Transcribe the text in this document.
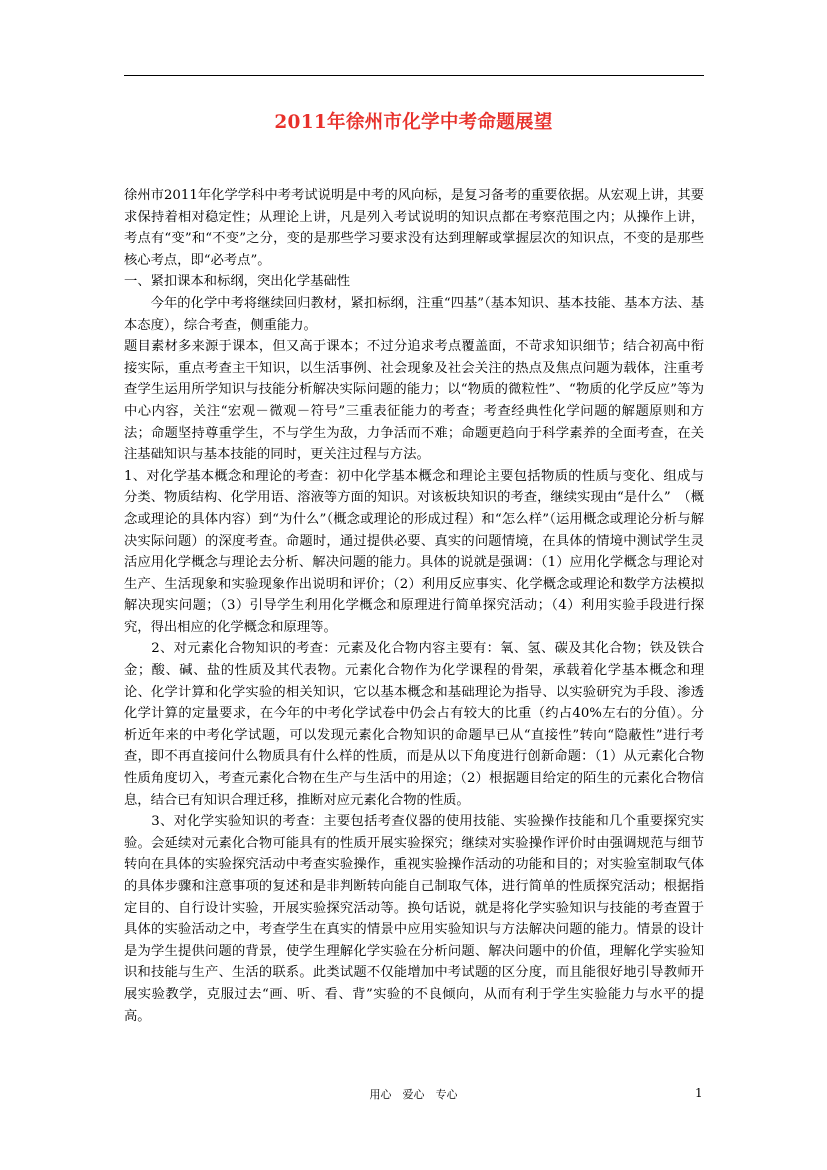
2011年徐州市化学中考命题展望

徐州市2011年化学学科中考考试说明是中考的风向标，是复习备考的重要依据。从宏观上讲，其要求保持着相对稳定性；从理论上讲，凡是列入考试说明的知识点都在考察范围之内；从操作上讲，考点有“变”和“不变”之分，变的是那些学习要求没有达到理解或掌握层次的知识点，不变的是那些核心考点，即“必考点”。

一、紧扣课本和标纲，突出化学基础性

　　今年的化学中考将继续回归教材，紧扣标纲，注重“四基”（基本知识、基本技能、基本方法、基本态度），综合考查，侧重能力。

题目素材多来源于课本，但又高于课本；不过分追求考点覆盖面，不苛求知识细节；结合初高中衔接实际，重点考查主干知识，以生活事例、社会现象及社会关注的热点及焦点问题为载体，注重考查学生运用所学知识与技能分析解决实际问题的能力；以“物质的微粒性”、“物质的化学反应”等为中心内容，关注“宏观－微观－符号”三重表征能力的考查；考查经典性化学问题的解题原则和方法；命题坚持尊重学生，不与学生为敌，力争活而不难；命题更趋向于科学素养的全面考查，在关注基础知识与基本技能的同时，更关注过程与方法。

1、对化学基本概念和理论的考查：初中化学基本概念和理论主要包括物质的性质与变化、组成与分类、物质结构、化学用语、溶液等方面的知识。对该板块知识的考查，继续实现由“是什么”　（概念或理论的具体内容）到“为什么”（概念或理论的形成过程）和“怎么样”（运用概念或理论分析与解决实际问题）的深度考查。命题时，通过提供必要、真实的问题情境，在具体的情境中测试学生灵活应用化学概念与理论去分析、解决问题的能力。具体的说就是强调：（1）应用化学概念与理论对生产、生活现象和实验现象作出说明和评价；（2）利用反应事实、化学概念或理论和数学方法模拟解决现实问题；（3）引导学生利用化学概念和原理进行简单探究活动；（4）利用实验手段进行探究，得出相应的化学概念和原理等。

　　2、对元素化合物知识的考查：元素及化合物内容主要有：氧、氢、碳及其化合物；铁及铁合金；酸、碱、盐的性质及其代表物。元素化合物作为化学课程的骨架，承载着化学基本概念和理论、化学计算和化学实验的相关知识，它以基本概念和基础理论为指导、以实验研究为手段、渗透化学计算的定量要求，在今年的中考化学试卷中仍会占有较大的比重（约占40%左右的分值）。分析近年来的中考化学试题，可以发现元素化合物知识的命题早已从“直接性”转向“隐蔽性”进行考查，即不再直接问什么物质具有什么样的性质，而是从以下角度进行创新命题：（1）从元素化合物性质角度切入，考查元素化合物在生产与生活中的用途；（2）根据题目给定的陌生的元素化合物信息，结合已有知识合理迁移，推断对应元素化合物的性质。

　　3、对化学实验知识的考查：主要包括考查仪器的使用技能、实验操作技能和几个重要探究实验。会延续对元素化合物可能具有的性质开展实验探究；继续对实验操作评价时由强调规范与细节转向在具体的实验探究活动中考查实验操作，重视实验操作活动的功能和目的；对实验室制取气体的具体步骤和注意事项的复述和是非判断转向能自己制取气体，进行简单的性质探究活动；根据指定目的、自行设计实验，开展实验探究活动等。换句话说，就是将化学实验知识与技能的考查置于具体的实验活动之中，考查学生在真实的情景中应用实验知识与方法解决问题的能力。情景的设计是为学生提供问题的背景，使学生理解化学实验在分析问题、解决问题中的价值，理解化学实验知识和技能与生产、生活的联系。此类试题不仅能增加中考试题的区分度，而且能很好地引导教师开展实验教学，克服过去“画、听、看、背”实验的不良倾向，从而有利于学生实验能力与水平的提高。

用心　爱心　专心	1
